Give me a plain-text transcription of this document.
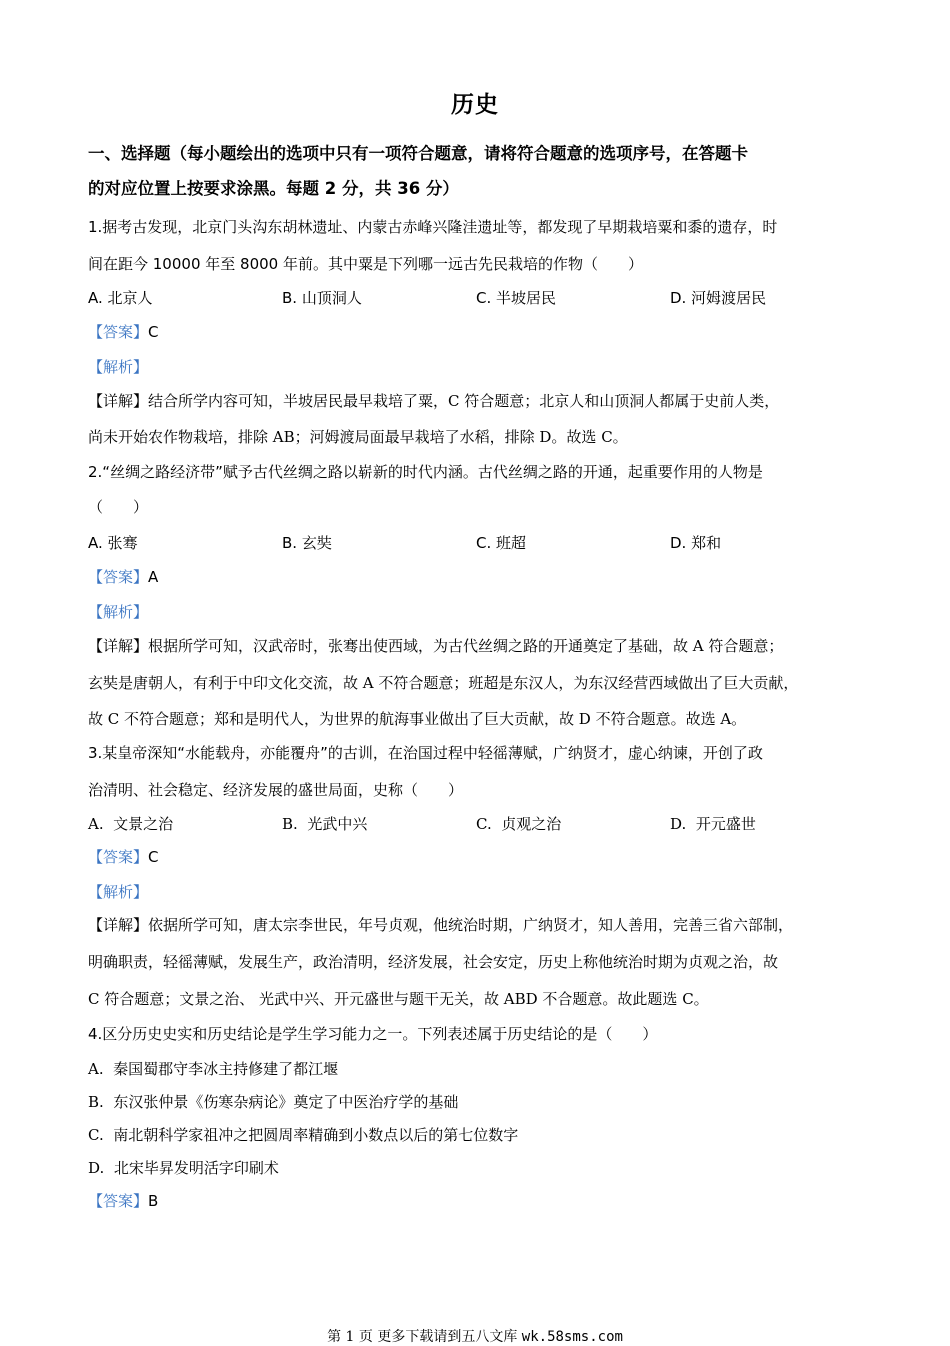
历史
一、选择题（每小题绘出的选项中只有一项符合题意，请将符合题意的选项序号，在答题卡
的对应位置上按要求涂黑。每题 2 分，共 36 分）
1.据考古发现，北京门头沟东胡林遗址、内蒙古赤峰兴隆洼遗址等，都发现了早期栽培粟和黍的遗存，时
间在距今 10000 年至 8000 年前。其中粟是下列哪一远古先民栽培的作物（　　）
A. 北京人	B. 山顶洞人	C. 半坡居民	D. 河姆渡居民
【答案】C
【解析】
【详解】结合所学内容可知，半坡居民最早栽培了粟，C 符合题意；北京人和山顶洞人都属于史前人类，
尚未开始农作物栽培，排除 AB；河姆渡局面最早栽培了水稻，排除 D。故选 C。
2.“丝绸之路经济带”赋予古代丝绸之路以崭新的时代内涵。古代丝绸之路的开通，起重要作用的人物是
（　　）
A. 张骞	B. 玄奘	C. 班超	D. 郑和
【答案】A
【解析】
【详解】根据所学可知，汉武帝时，张骞出使西域，为古代丝绸之路的开通奠定了基础，故 A 符合题意；
玄奘是唐朝人，有利于中印文化交流，故 A 不符合题意；班超是东汉人，为东汉经营西域做出了巨大贡献，
故 C 不符合题意；郑和是明代人，为世界的航海事业做出了巨大贡献，故 D 不符合题意。故选 A。
3.某皇帝深知“水能载舟，亦能覆舟”的古训，在治国过程中轻徭薄赋，广纳贤才，虚心纳谏，开创了政
治清明、社会稳定、经济发展的盛世局面，史称（　　）
A. 文景之治	B. 光武中兴	C. 贞观之治	D. 开元盛世
【答案】C
【解析】
【详解】依据所学可知，唐太宗李世民，年号贞观，他统治时期，广纳贤才，知人善用，完善三省六部制，
明确职责，轻徭薄赋，发展生产，政治清明，经济发展，社会安定，历史上称他统治时期为贞观之治，故
C 符合题意；文景之治、 光武中兴、开元盛世与题干无关，故 ABD 不合题意。故此题选 C。
4.区分历史史实和历史结论是学生学习能力之一。下列表述属于历史结论的是（　　）
A. 秦国蜀郡守李冰主持修建了都江堰
B. 东汉张仲景《伤寒杂病论》奠定了中医治疗学的基础
C. 南北朝科学家祖冲之把圆周率精确到小数点以后的第七位数字
D. 北宋毕昇发明活字印刷术
【答案】B
第 1 页 更多下载请到五八文库 wk.58sms.com
